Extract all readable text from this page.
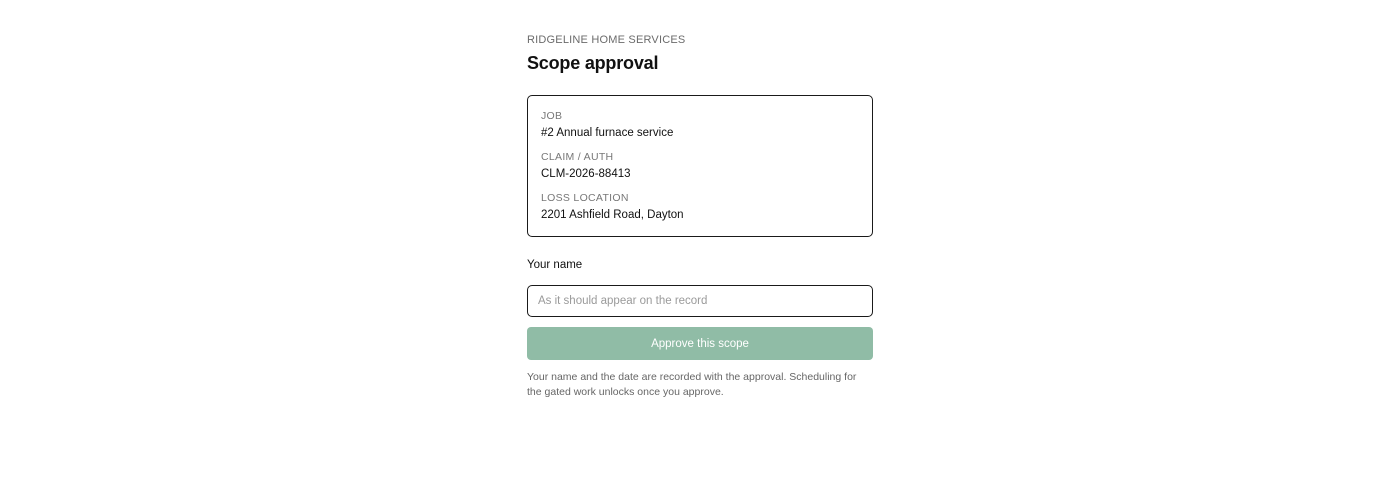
RIDGELINE HOME SERVICES
Scope approval
JOB
#2 Annual furnace service
CLAIM / AUTH
CLM-2026-88413
LOSS LOCATION
2201 Ashfield Road, Dayton
Your name
As it should appear on the record
Approve this scope
Your name and the date are recorded with the approval. Scheduling for the gated work unlocks once you approve.
